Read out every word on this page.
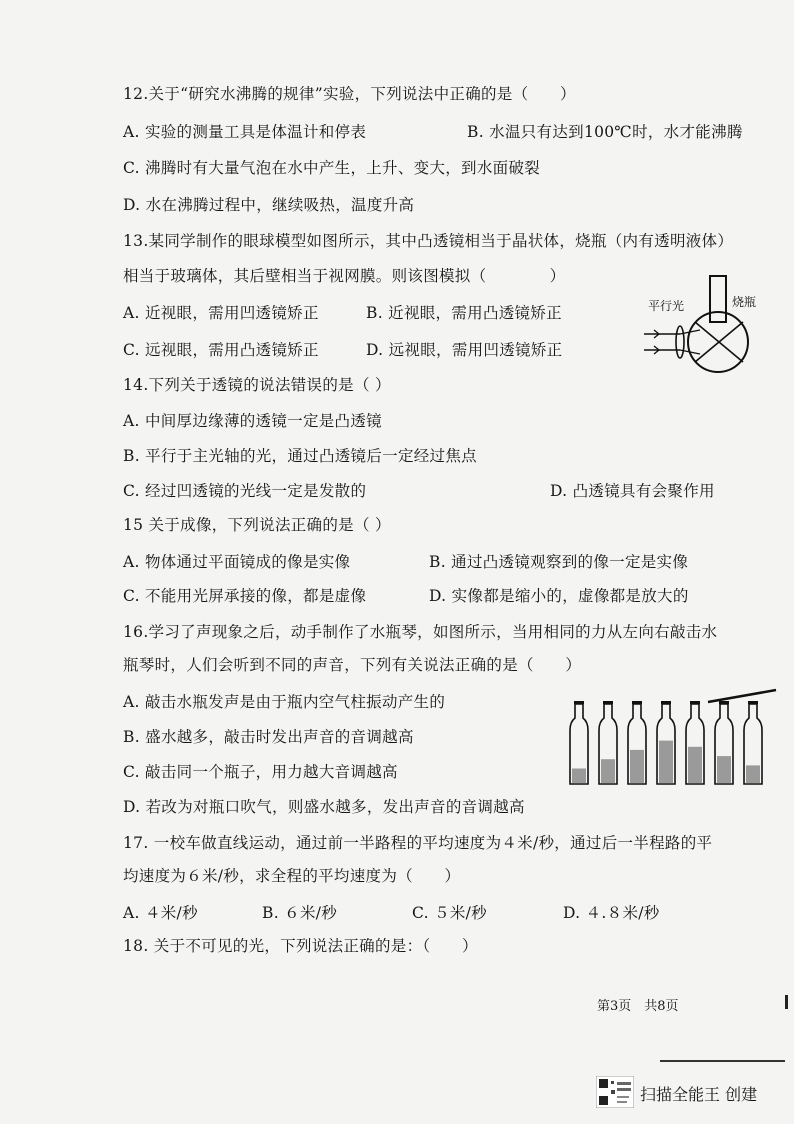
12.关于“研究水沸腾的规律”实验，下列说法中正确的是（　　）
A. 实验的测量工具是体温计和停表	B. 水温只有达到100℃时，水才能沸腾
C. 沸腾时有大量气泡在水中产生，上升、变大，到水面破裂
D. 水在沸腾过程中，继续吸热，温度升高
13.某同学制作的眼球模型如图所示，其中凸透镜相当于晶状体，烧瓶（内有透明液体）
相当于玻璃体，其后壁相当于视网膜。则该图模拟（　　　　）
A. 近视眼，需用凹透镜矫正	B. 近视眼，需用凸透镜矫正
C. 远视眼，需用凸透镜矫正	D. 远视眼，需用凹透镜矫正
平行光	烧瓶
14.下列关于透镜的说法错误的是（ ）
A. 中间厚边缘薄的透镜一定是凸透镜
B. 平行于主光轴的光，通过凸透镜后一定经过焦点
C. 经过凹透镜的光线一定是发散的	D. 凸透镜具有会聚作用
15 关于成像，下列说法正确的是（ ）
A. 物体通过平面镜成的像是实像	B. 通过凸透镜观察到的像一定是实像
C. 不能用光屏承接的像，都是虚像	D. 实像都是缩小的，虚像都是放大的
16.学习了声现象之后，动手制作了水瓶琴，如图所示，当用相同的力从左向右敲击水
瓶琴时，人们会听到不同的声音，下列有关说法正确的是（　　）
A. 敲击水瓶发声是由于瓶内空气柱振动产生的
B. 盛水越多，敲击时发出声音的音调越高
C. 敲击同一个瓶子，用力越大音调越高
D. 若改为对瓶口吹气，则盛水越多，发出声音的音调越高
17. 一校车做直线运动，通过前一半路程的平均速度为４米/秒，通过后一半程路的平
均速度为６米/秒，求全程的平均速度为（　　）
A. ４米/秒	B. ６米/秒	C. ５米/秒	D. ４.８米/秒
18. 关于不可见的光，下列说法正确的是：（　　）
第3页　共8页
扫描全能王 创建
